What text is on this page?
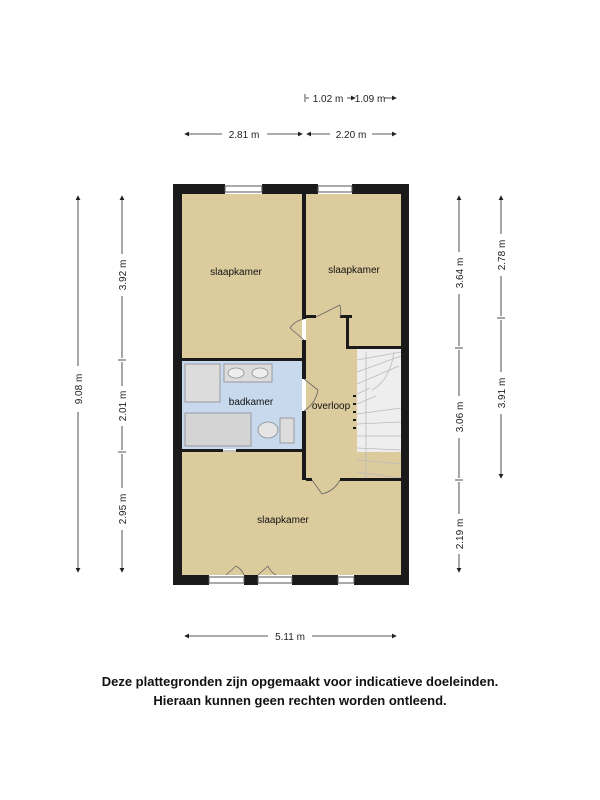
slaapkamer	slaapkamer
badkamer	overloop
slaapkamer
1.02 m 1.09 m
2.81 m	2.20 m
5.11 m
9.08 m
3.92 m
2.01 m
2.95 m
3.64 m
3.06 m
2.19 m
2.78 m
3.91 m
Deze plattegronden zijn opgemaakt voor indicatieve doeleinden.
Hieraan kunnen geen rechten worden ontleend.
